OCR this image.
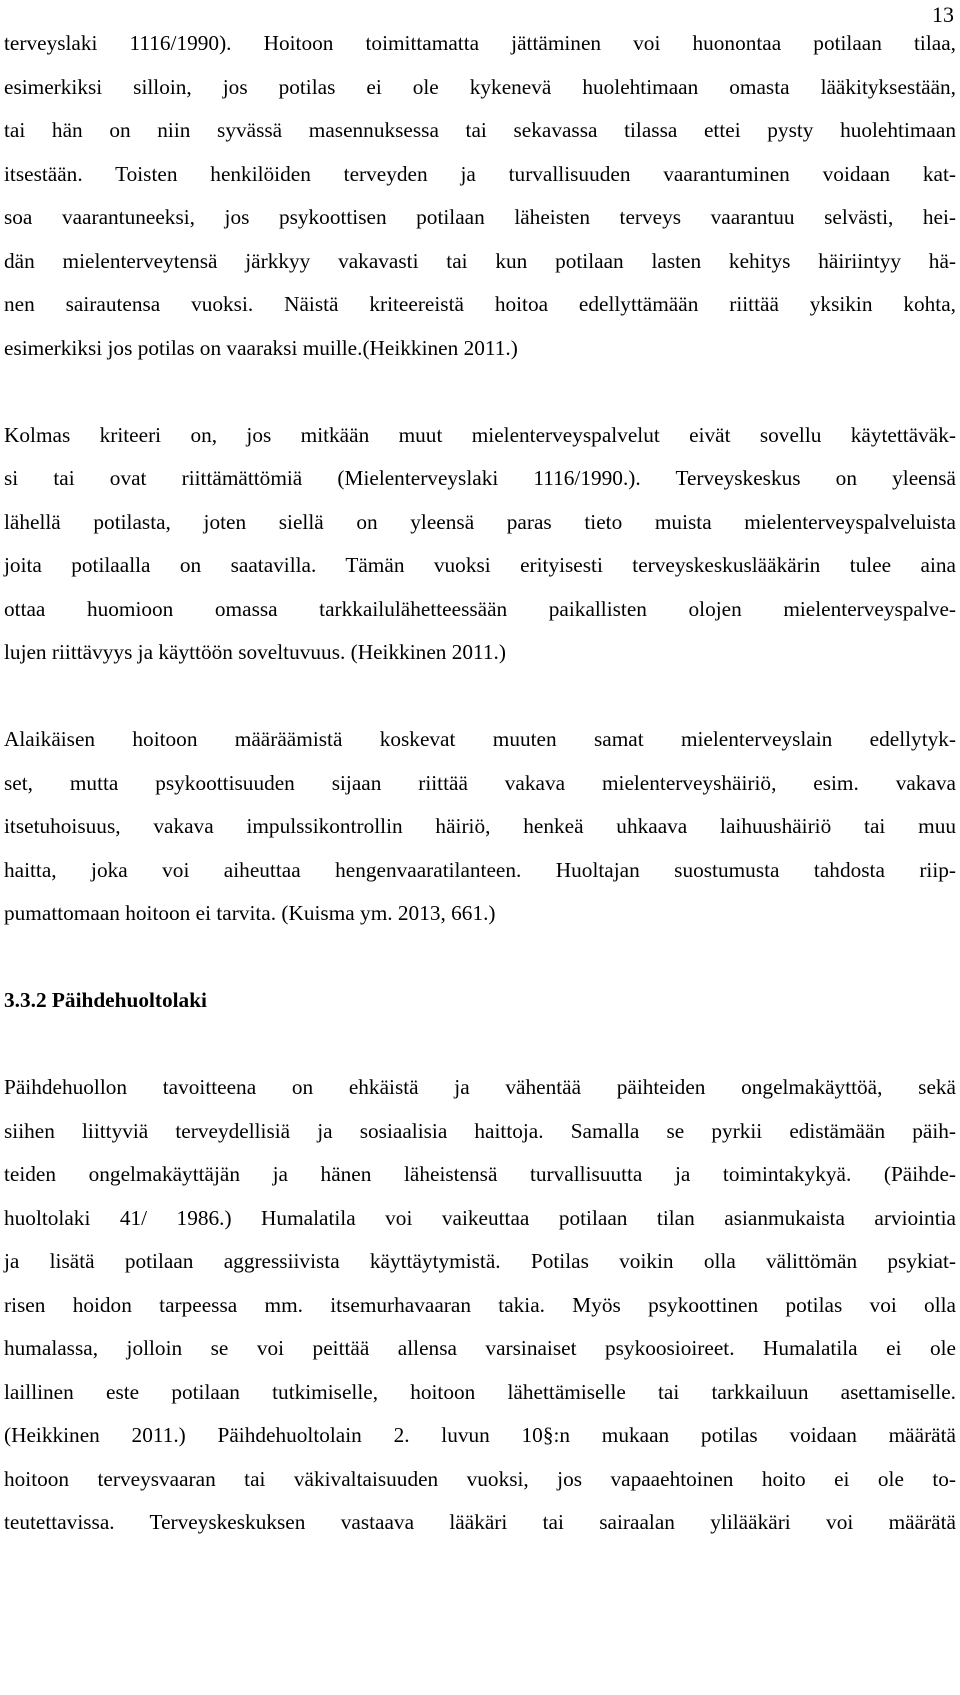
13
terveyslaki 1116/1990). Hoitoon toimittamatta jättäminen voi huonontaa potilaan tilaa,
esimerkiksi silloin, jos potilas ei ole kykenevä huolehtimaan omasta lääkityksestään,
tai hän on niin syvässä masennuksessa tai sekavassa tilassa ettei pysty huolehtimaan
itsestään. Toisten henkilöiden terveyden ja turvallisuuden vaarantuminen voidaan kat-
soa vaarantuneeksi, jos psykoottisen potilaan läheisten terveys vaarantuu selvästi, hei-
dän mielenterveytensä järkkyy vakavasti tai kun potilaan lasten kehitys häiriintyy hä-
nen sairautensa vuoksi. Näistä kriteereistä hoitoa edellyttämään riittää yksikin kohta,
esimerkiksi jos potilas on vaaraksi muille.(Heikkinen 2011.)
Kolmas kriteeri on, jos mitkään muut mielenterveyspalvelut eivät sovellu käytettäväk-
si tai ovat riittämättömiä (Mielenterveyslaki 1116/1990.). Terveyskeskus on yleensä
lähellä potilasta, joten siellä on yleensä paras tieto muista mielenterveyspalveluista
joita potilaalla on saatavilla. Tämän vuoksi erityisesti terveyskeskuslääkärin tulee aina
ottaa huomioon omassa tarkkailulähetteessään paikallisten olojen mielenterveyspalve-
lujen riittävyys ja käyttöön soveltuvuus. (Heikkinen 2011.)
Alaikäisen hoitoon määräämistä koskevat muuten samat mielenterveyslain edellytyk-
set, mutta psykoottisuuden sijaan riittää vakava mielenterveyshäiriö, esim. vakava
itsetuhoisuus, vakava impulssikontrollin häiriö, henkeä uhkaava laihuushäiriö tai muu
haitta, joka voi aiheuttaa hengenvaaratilanteen. Huoltajan suostumusta tahdosta riip-
pumattomaan hoitoon ei tarvita. (Kuisma ym. 2013, 661.)
3.3.2 Päihdehuoltolaki
Päihdehuollon tavoitteena on ehkäistä ja vähentää päihteiden ongelmakäyttöä, sekä
siihen liittyviä terveydellisiä ja sosiaalisia haittoja. Samalla se pyrkii edistämään päih-
teiden ongelmakäyttäjän ja hänen läheistensä turvallisuutta ja toimintakykyä. (Päihde-
huoltolaki 41/ 1986.) Humalatila voi vaikeuttaa potilaan tilan asianmukaista arviointia
ja lisätä potilaan aggressiivista käyttäytymistä. Potilas voikin olla välittömän psykiat-
risen hoidon tarpeessa mm. itsemurhavaaran takia. Myös psykoottinen potilas voi olla
humalassa, jolloin se voi peittää allensa varsinaiset psykoosioireet. Humalatila ei ole
laillinen este potilaan tutkimiselle, hoitoon lähettämiselle tai tarkkailuun asettamiselle.
(Heikkinen 2011.) Päihdehuoltolain 2. luvun 10§:n mukaan potilas voidaan määrätä
hoitoon terveysvaaran tai väkivaltaisuuden vuoksi, jos vapaaehtoinen hoito ei ole to-
teutettavissa. Terveyskeskuksen vastaava lääkäri tai sairaalan ylilääkäri voi määrätä
